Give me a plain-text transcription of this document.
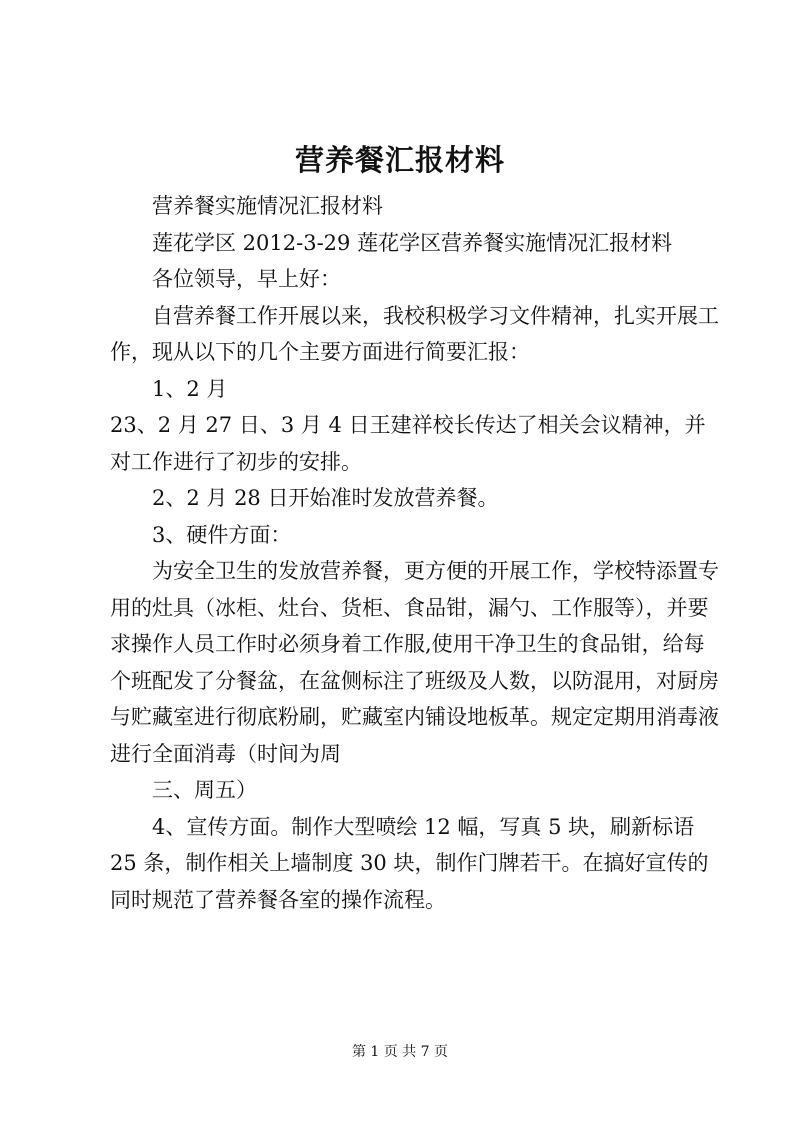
营养餐汇报材料

营养餐实施情况汇报材料

莲花学区 2012-3-29 莲花学区营养餐实施情况汇报材料

各位领导，早上好：

自营养餐工作开展以来，我校积极学习文件精神，扎实开展工作，现从以下的几个主要方面进行简要汇报：

1、2 月

23、2 月 27 日、3 月 4 日王建祥校长传达了相关会议精神，并对工作进行了初步的安排。

2、2 月 28 日开始准时发放营养餐。

3、硬件方面：

为安全卫生的发放营养餐，更方便的开展工作，学校特添置专用的灶具（冰柜、灶台、货柜、食品钳，漏勺、工作服等），并要求操作人员工作时必须身着工作服,使用干净卫生的食品钳，给每个班配发了分餐盆，在盆侧标注了班级及人数，以防混用，对厨房与贮藏室进行彻底粉刷，贮藏室内铺设地板革。规定定期用消毒液进行全面消毒（时间为周

三、周五）

4、宣传方面。制作大型喷绘 12 幅，写真 5 块，刷新标语 25 条，制作相关上墙制度 30 块，制作门牌若干。在搞好宣传的同时规范了营养餐各室的操作流程。

第 1 页 共 7 页
